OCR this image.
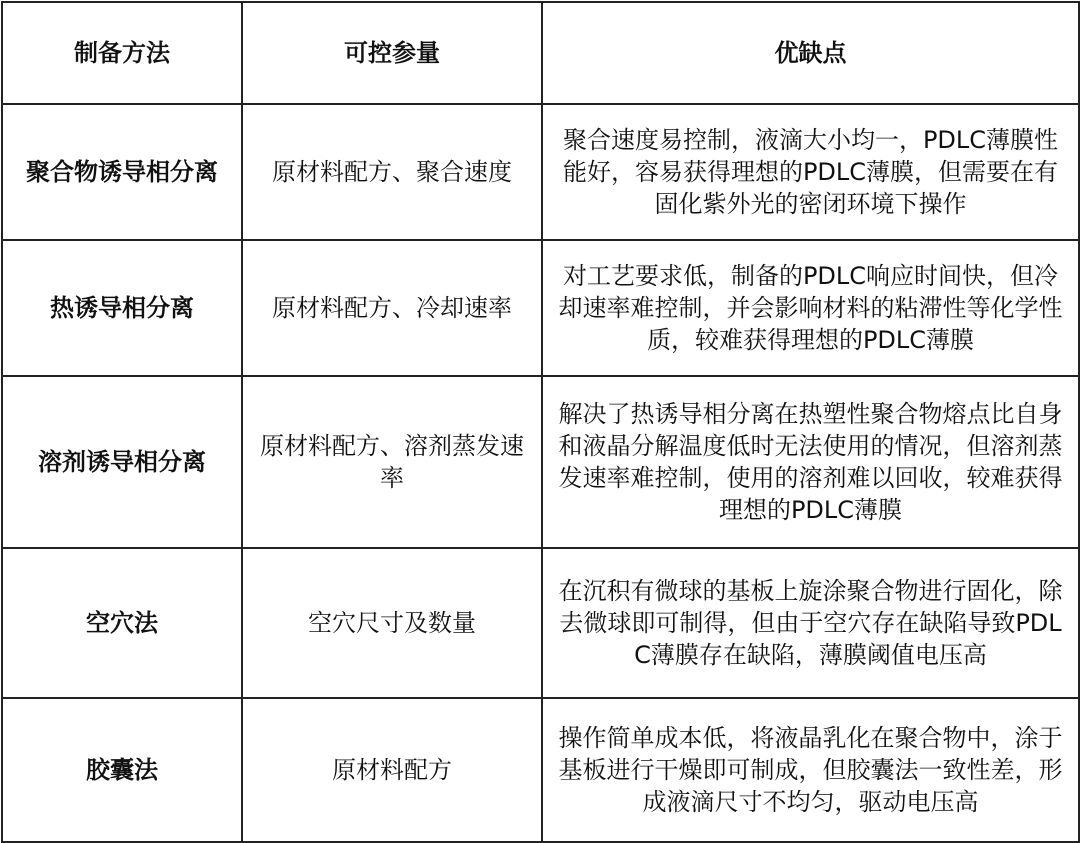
制备方法	可控参量	优缺点
聚合物诱导相分离	原材料配方、聚合速度	聚合速度易控制，液滴大小均一，PDLC薄膜性能好，容易获得理想的PDLC薄膜，但需要在有固化紫外光的密闭环境下操作
热诱导相分离	原材料配方、冷却速率	对工艺要求低，制备的PDLC响应时间快，但冷却速率难控制，并会影响材料的粘滞性等化学性质，较难获得理想的PDLC薄膜
溶剂诱导相分离	原材料配方、溶剂蒸发速率	解决了热诱导相分离在热塑性聚合物熔点比自身和液晶分解温度低时无法使用的情况，但溶剂蒸发速率难控制，使用的溶剂难以回收，较难获得理想的PDLC薄膜
空穴法	空穴尺寸及数量	在沉积有微球的基板上旋涂聚合物进行固化，除去微球即可制得，但由于空穴存在缺陷导致PDLC薄膜存在缺陷，薄膜阈值电压高
胶囊法	原材料配方	操作简单成本低，将液晶乳化在聚合物中，涂于基板进行干燥即可制成，但胶囊法一致性差，形成液滴尺寸不均匀，驱动电压高
